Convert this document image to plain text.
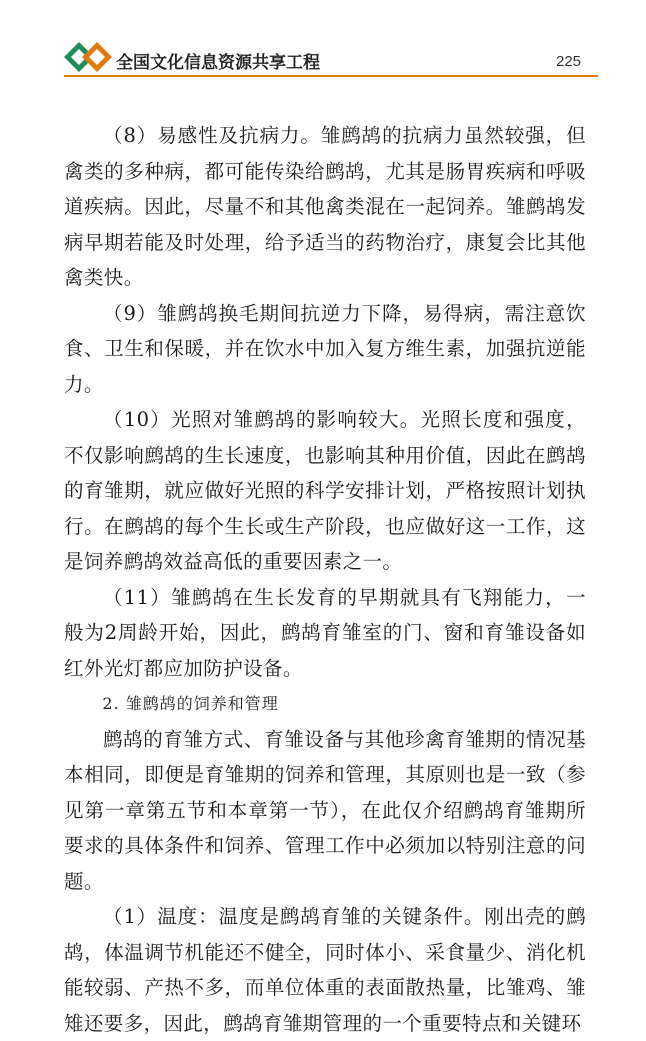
全国文化信息资源共享工程	225

（8）易感性及抗病力。雏鹧鸪的抗病力虽然较强，但禽类的多种病，都可能传染给鹧鸪，尤其是肠胃疾病和呼吸道疾病。因此，尽量不和其他禽类混在一起饲养。雏鹧鸪发病早期若能及时处理，给予适当的药物治疗，康复会比其他禽类快。

（9）雏鹧鸪换毛期间抗逆力下降，易得病，需注意饮食、卫生和保暖，并在饮水中加入复方维生素，加强抗逆能力。

（10）光照对雏鹧鸪的影响较大。光照长度和强度，不仅影响鹧鸪的生长速度，也影响其种用价值，因此在鹧鸪的育雏期，就应做好光照的科学安排计划，严格按照计划执行。在鹧鸪的每个生长或生产阶段，也应做好这一工作，这是饲养鹧鸪效益高低的重要因素之一。

（11）雏鹧鸪在生长发育的早期就具有飞翔能力，一般为2周龄开始，因此，鹧鸪育雏室的门、窗和育雏设备如红外光灯都应加防护设备。

2. 雏鹧鸪的饲养和管理

鹧鸪的育雏方式、育雏设备与其他珍禽育雏期的情况基本相同，即便是育雏期的饲养和管理，其原则也是一致（参见第一章第五节和本章第一节），在此仅介绍鹧鸪育雏期所要求的具体条件和饲养、管理工作中必须加以特别注意的问题。

（1）温度：温度是鹧鸪育雏的关键条件。刚出壳的鹧鸪，体温调节机能还不健全，同时体小、采食量少、消化机能较弱、产热不多，而单位体重的表面散热量，比雏鸡、雏雉还要多，因此，鹧鸪育雏期管理的一个重要特点和关键环
